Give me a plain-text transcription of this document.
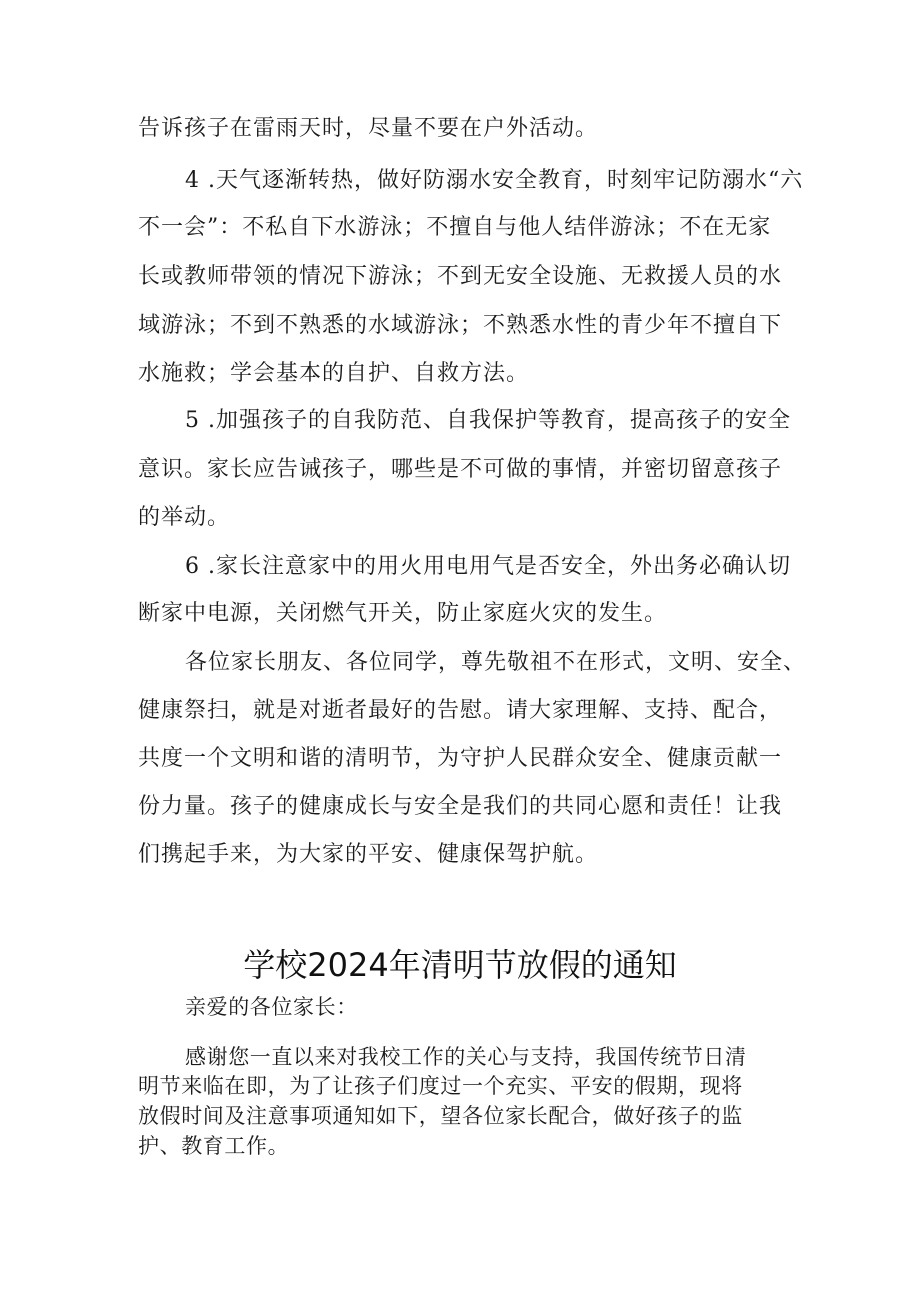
告诉孩子在雷雨天时，尽量不要在户外活动。
4 .天气逐渐转热，做好防溺水安全教育，时刻牢记防溺水“六
不一会”：不私自下水游泳；不擅自与他人结伴游泳；不在无家
长或教师带领的情况下游泳；不到无安全设施、无救援人员的水
域游泳；不到不熟悉的水域游泳；不熟悉水性的青少年不擅自下
水施救；学会基本的自护、自救方法。
5 .加强孩子的自我防范、自我保护等教育，提高孩子的安全
意识。家长应告诫孩子，哪些是不可做的事情，并密切留意孩子
的举动。
6 .家长注意家中的用火用电用气是否安全，外出务必确认切
断家中电源，关闭燃气开关，防止家庭火灾的发生。
各位家长朋友、各位同学，尊先敬祖不在形式，文明、安全、
健康祭扫，就是对逝者最好的告慰。请大家理解、支持、配合，
共度一个文明和谐的清明节，为守护人民群众安全、健康贡献一
份力量。孩子的健康成长与安全是我们的共同心愿和责任！让我
们携起手来，为大家的平安、健康保驾护航。
学校2024年清明节放假的通知
亲爱的各位家长：
感谢您一直以来对我校工作的关心与支持，我国传统节日清
明节来临在即，为了让孩子们度过一个充实、平安的假期，现将
放假时间及注意事项通知如下，望各位家长配合，做好孩子的监
护、教育工作。
